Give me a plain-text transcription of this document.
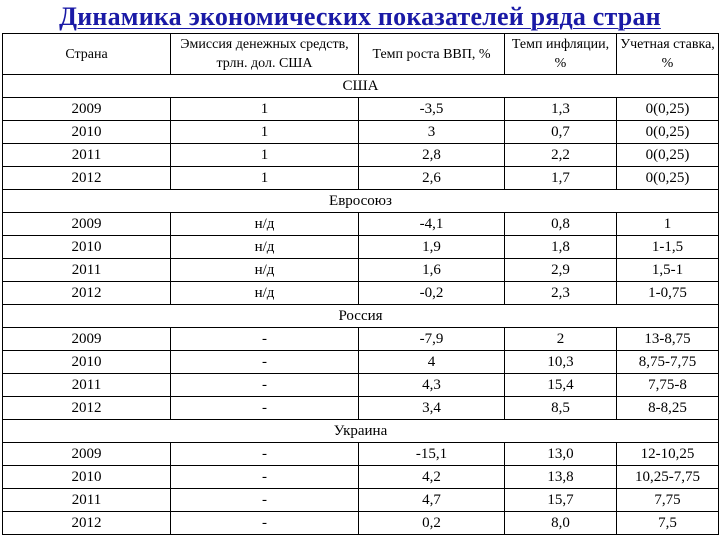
Динамика экономических показателей ряда стран
Страна	Эмиссия денежных средств, трлн. дол. США	Темп роста ВВП, %	Темп инфляции, %	Учетная ставка, %
США				
2009	1	-3,5	1,3	0(0,25)
2010	1	3	0,7	0(0,25)
2011	1	2,8	2,2	0(0,25)
2012	1	2,6	1,7	0(0,25)
Евросоюз				
2009	н/д	-4,1	0,8	1
2010	н/д	1,9	1,8	1-1,5
2011	н/д	1,6	2,9	1,5-1
2012	н/д	-0,2	2,3	1-0,75
Россия				
2009	-	-7,9	2	13-8,75
2010	-	4	10,3	8,75-7,75
2011	-	4,3	15,4	7,75-8
2012	-	3,4	8,5	8-8,25
Украина				
2009	-	-15,1	13,0	12-10,25
2010	-	4,2	13,8	10,25-7,75
2011	-	4,7	15,7	7,75
2012	-	0,2	8,0	7,5
